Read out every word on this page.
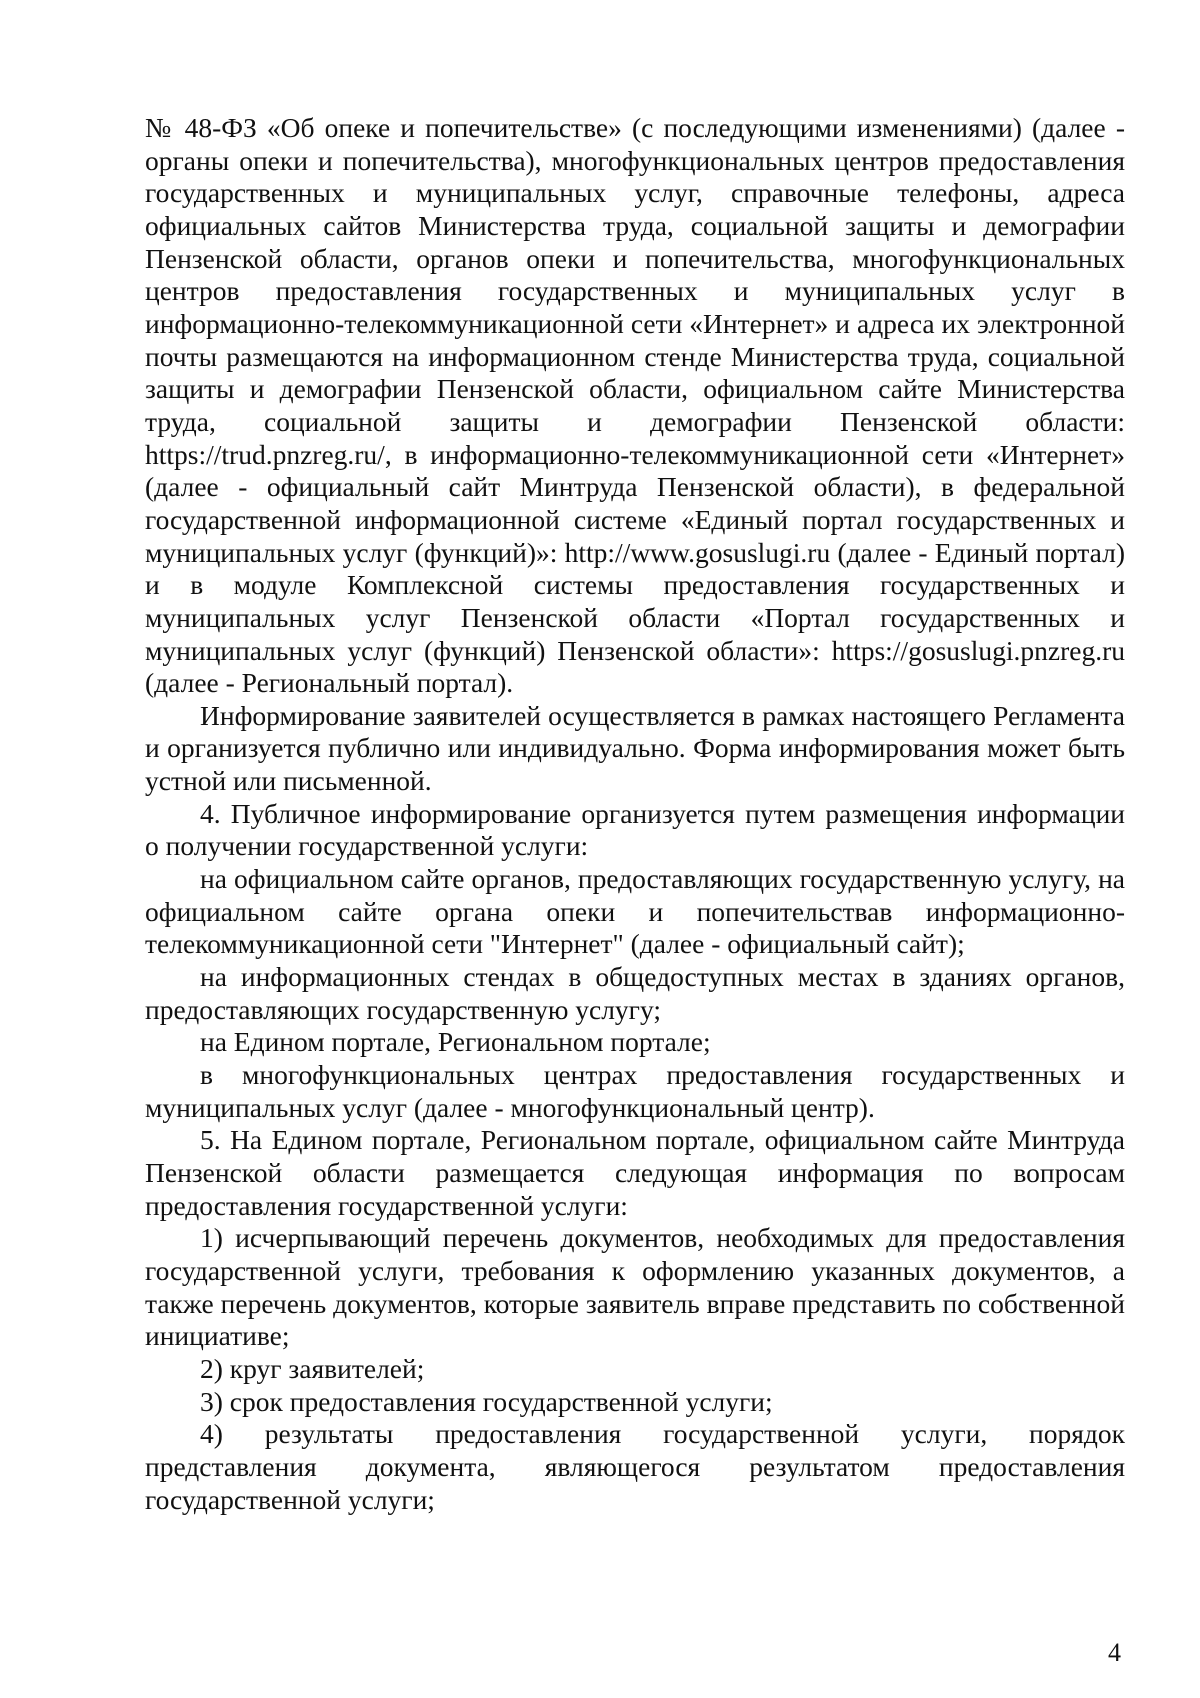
№ 48-ФЗ «Об опеке и попечительстве» (с последующими изменениями) (далее - органы опеки и попечительства), многофункциональных центров предоставления государственных и муниципальных услуг, справочные телефоны, адреса официальных сайтов Министерства труда, социальной защиты и демографии Пензенской области, органов опеки и попечительства, многофункциональных центров предоставления государственных и муниципальных услуг в информационно-телекоммуникационной сети «Интернет» и адреса их электронной почты размещаются на информационном стенде Министерства труда, социальной защиты и демографии Пензенской области, официальном сайте Министерства труда, социальной защиты и демографии Пензенской области: https://trud.pnzreg.ru/, в информационно-телекоммуникационной сети «Интернет» (далее - официальный сайт Минтруда Пензенской области), в федеральной государственной информационной системе «Единый портал государственных и муниципальных услуг (функций)»: http://www.gosuslugi.ru (далее - Единый портал) и в модуле Комплексной системы предоставления государственных и муниципальных услуг Пензенской области «Портал государственных и муниципальных услуг (функций) Пензенской области»: https://gosuslugi.pnzreg.ru (далее - Региональный портал).

Информирование заявителей осуществляется в рамках настоящего Регламента и организуется публично или индивидуально. Форма информирования может быть устной или письменной.

4. Публичное информирование организуется путем размещения информации о получении государственной услуги:

на официальном сайте органов, предоставляющих государственную услугу, на официальном сайте органа опеки и попечительствав информационно-телекоммуникационной сети "Интернет" (далее - официальный сайт);

на информационных стендах в общедоступных местах в зданиях органов, предоставляющих государственную услугу;

на Едином портале, Региональном портале;

в многофункциональных центрах предоставления государственных и муниципальных услуг (далее - многофункциональный центр).

5. На Едином портале, Региональном портале, официальном сайте Минтруда Пензенской области размещается следующая информация по вопросам предоставления государственной услуги:

1) исчерпывающий перечень документов, необходимых для предоставления государственной услуги, требования к оформлению указанных документов, а также перечень документов, которые заявитель вправе представить по собственной инициативе;

2) круг заявителей;

3) срок предоставления государственной услуги;

4) результаты предоставления государственной услуги, порядок представления документа, являющегося результатом предоставления государственной услуги;

4
